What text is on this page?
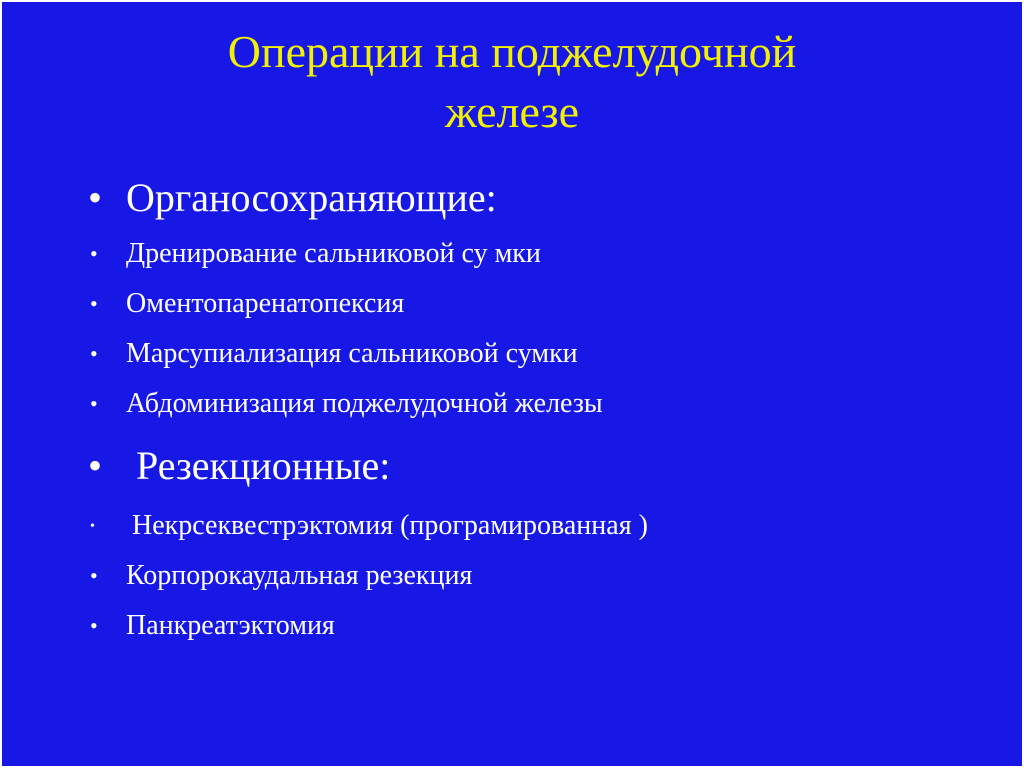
Операции на поджелудочной
железе
• Органосохраняющие:
• Дренирование сальниковой су мки
• Оментопаренатопексия
• Марсупиализация сальниковой сумки
• Абдоминизация поджелудочной железы
• Резекционные:
• Некрсеквестрэктомия (програмированная )
• Корпорокаудальная резекция
• Панкреатэктомия
